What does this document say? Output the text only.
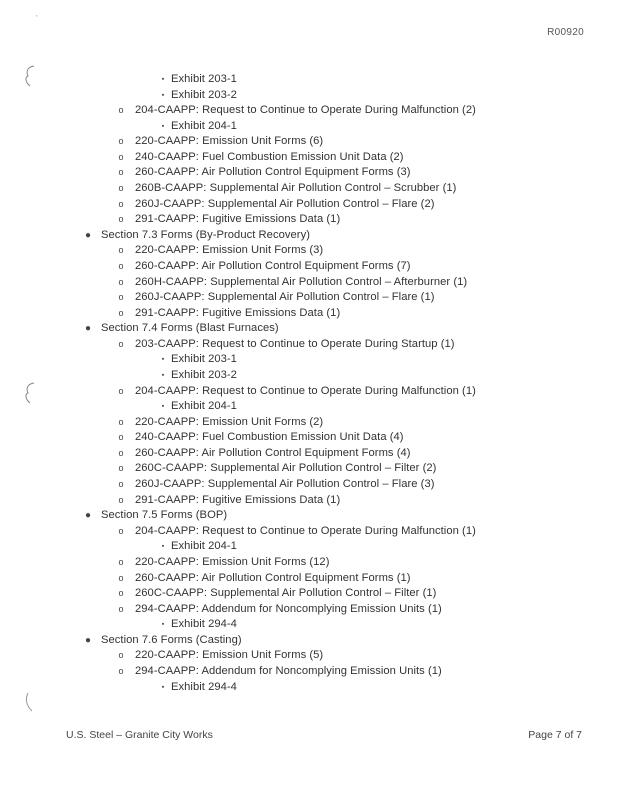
'
R00920
▪ Exhibit 203-1
▪ Exhibit 203-2
o	204-CAAPP: Request to Continue to Operate During Malfunction (2)
▪ Exhibit 204-1
o	220-CAAPP: Emission Unit Forms (6)
o	240-CAAPP: Fuel Combustion Emission Unit Data (2)
o	260-CAAPP: Air Pollution Control Equipment Forms (3)
o	260B-CAAPP: Supplemental Air Pollution Control – Scrubber (1)
o	260J-CAAPP: Supplemental Air Pollution Control – Flare (2)
o	291-CAAPP: Fugitive Emissions Data (1)
● Section 7.3 Forms (By-Product Recovery)
o	220-CAAPP: Emission Unit Forms (3)
o	260-CAAPP: Air Pollution Control Equipment Forms (7)
o	260H-CAAPP: Supplemental Air Pollution Control – Afterburner (1)
o	260J-CAAPP: Supplemental Air Pollution Control – Flare (1)
o	291-CAAPP: Fugitive Emissions Data (1)
● Section 7.4 Forms (Blast Furnaces)
o	203-CAAPP: Request to Continue to Operate During Startup (1)
▪ Exhibit 203-1
▪ Exhibit 203-2
o	204-CAAPP: Request to Continue to Operate During Malfunction (1)
▪ Exhibit 204-1
o	220-CAAPP: Emission Unit Forms (2)
o	240-CAAPP: Fuel Combustion Emission Unit Data (4)
o	260-CAAPP: Air Pollution Control Equipment Forms (4)
o	260C-CAAPP: Supplemental Air Pollution Control – Filter (2)
o	260J-CAAPP: Supplemental Air Pollution Control – Flare (3)
o	291-CAAPP: Fugitive Emissions Data (1)
● Section 7.5 Forms (BOP)
o	204-CAAPP: Request to Continue to Operate During Malfunction (1)
▪ Exhibit 204-1
o	220-CAAPP: Emission Unit Forms (12)
o	260-CAAPP: Air Pollution Control Equipment Forms (1)
o	260C-CAAPP: Supplemental Air Pollution Control – Filter (1)
o	294-CAAPP: Addendum for Noncomplying Emission Units (1)
▪ Exhibit 294-4
● Section 7.6 Forms (Casting)
o	220-CAAPP: Emission Unit Forms (5)
o	294-CAAPP: Addendum for Noncomplying Emission Units (1)
▪ Exhibit 294-4
U.S. Steel – Granite City Works	Page 7 of 7
